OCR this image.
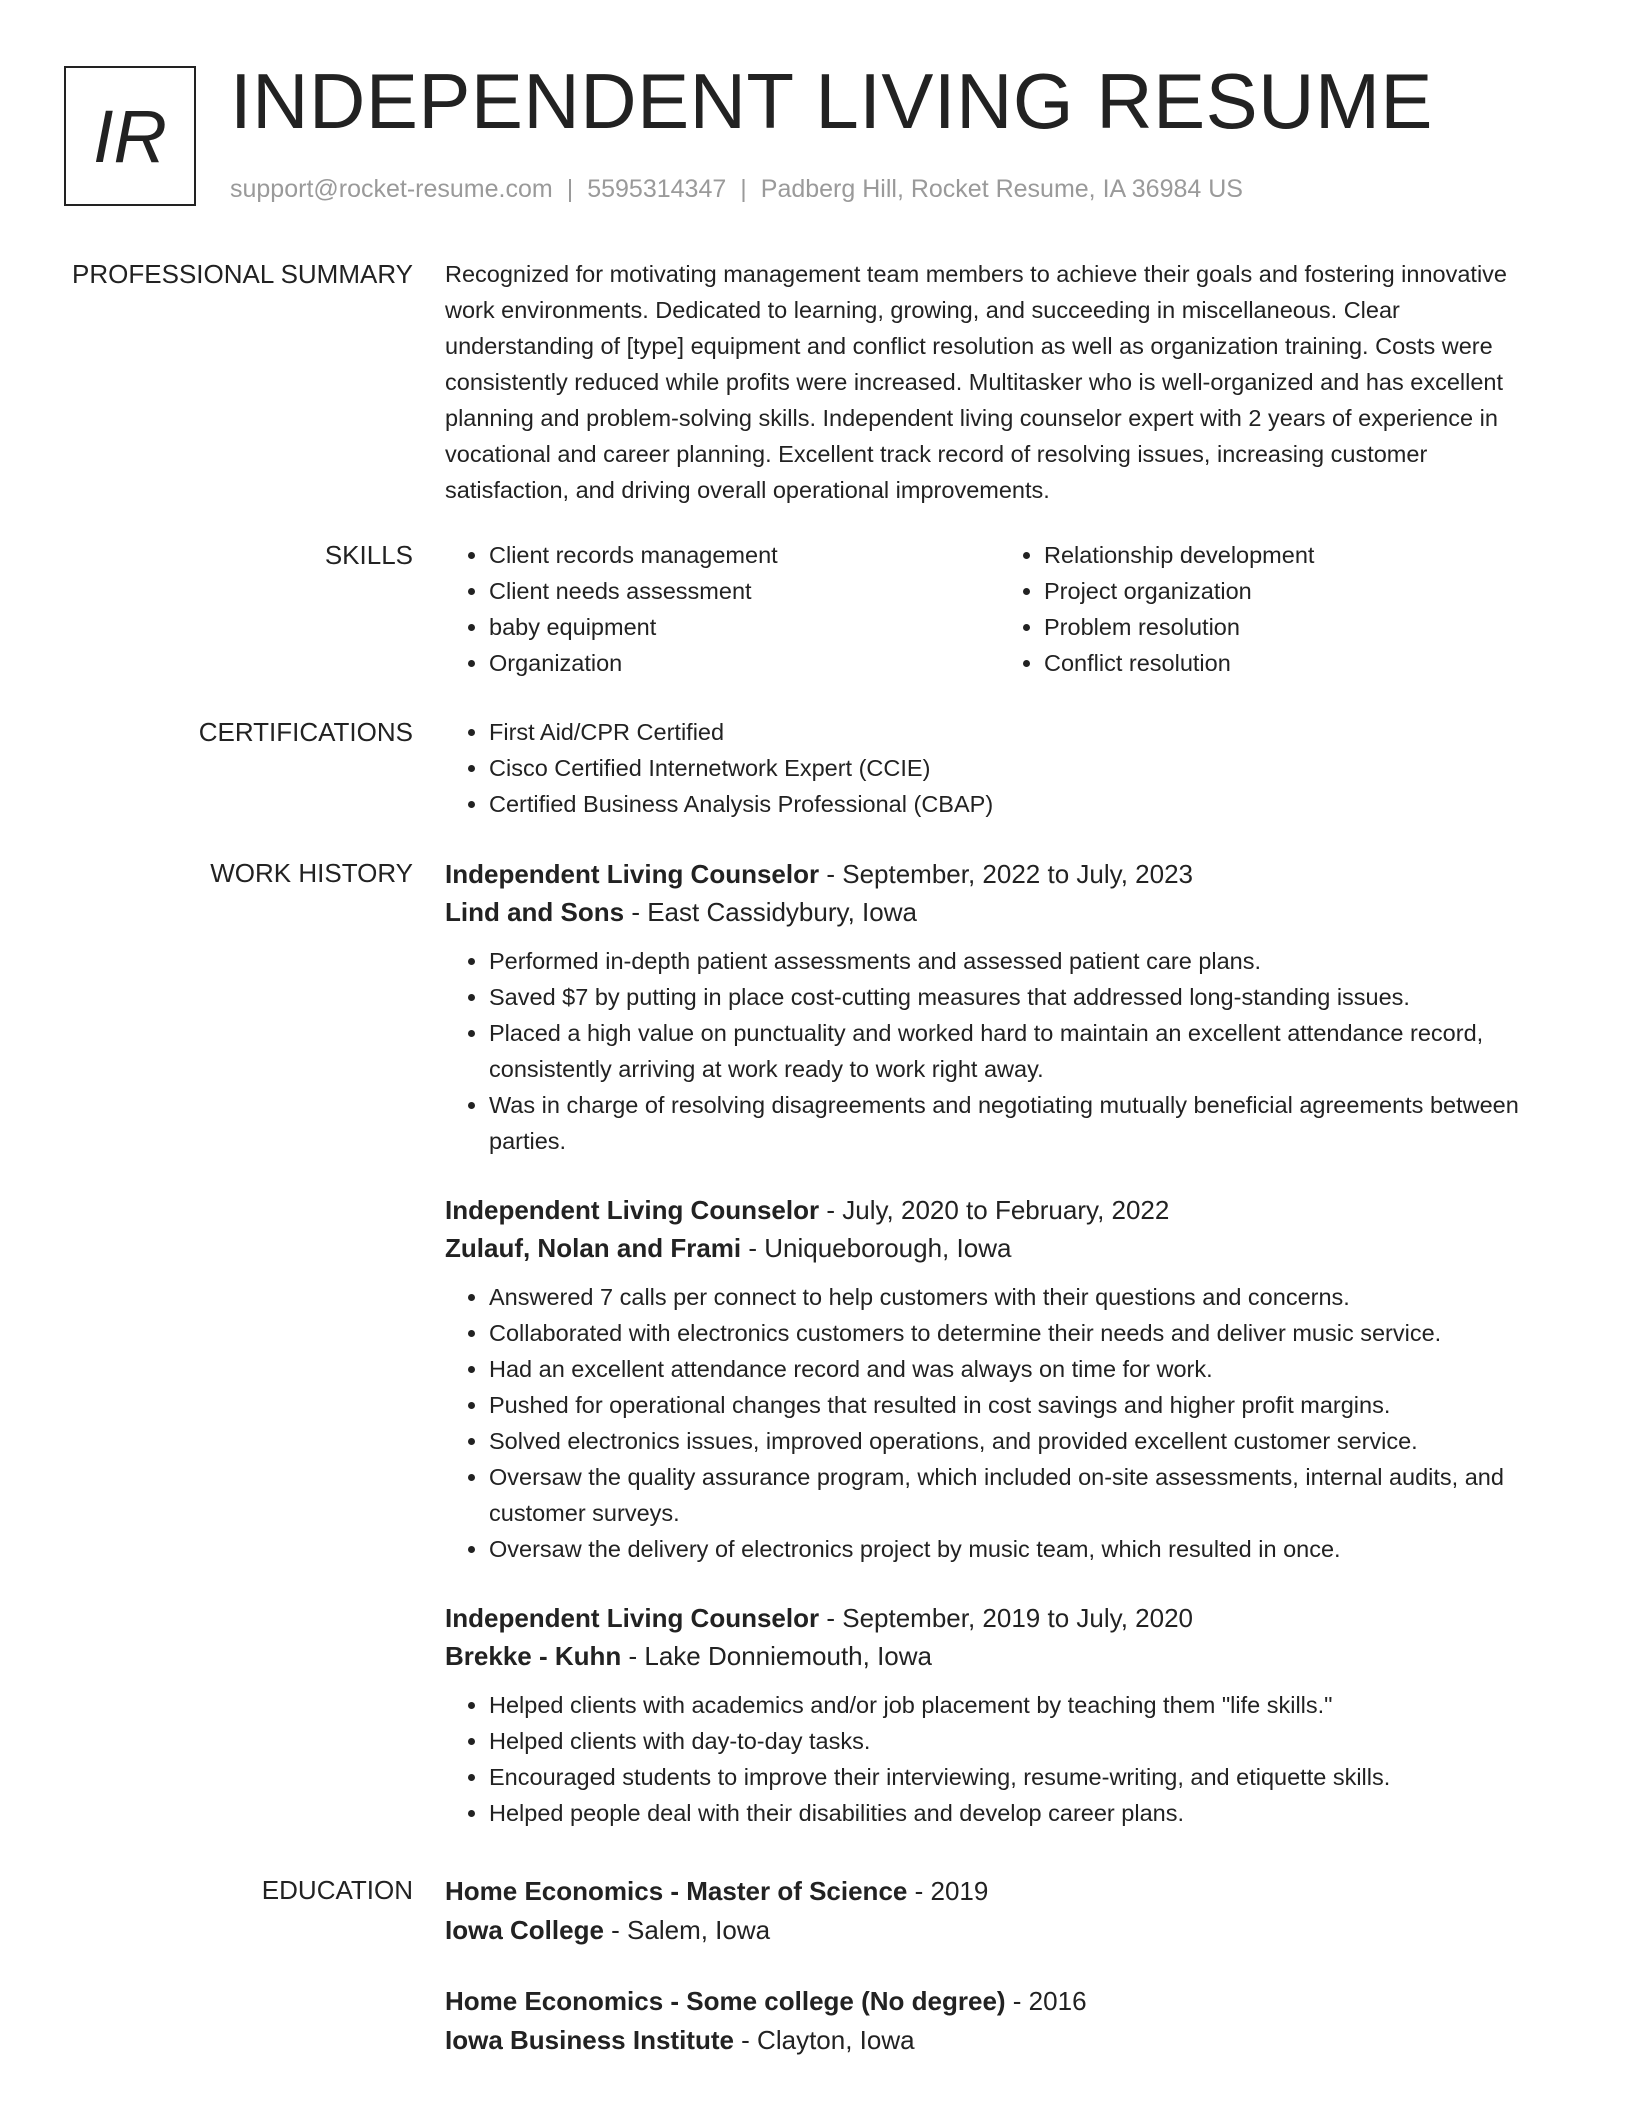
IR INDEPENDENT LIVING RESUME
support@rocket-resume.com | 5595314347 | Padberg Hill, Rocket Resume, IA 36984 US
PROFESSIONAL SUMMARY Recognized for motivating management team members to achieve their goals and fostering innovative work environments. Dedicated to learning, growing, and succeeding in miscellaneous. Clear understanding of [type] equipment and conflict resolution as well as organization training. Costs were consistently reduced while profits were increased. Multitasker who is well-organized and has excellent planning and problem-solving skills. Independent living counselor expert with 2 years of experience in vocational and career planning. Excellent track record of resolving issues, increasing customer satisfaction, and driving overall operational improvements.

SKILLS	• Client records management
• Client needs assessment
• baby equipment
• Organization
• Relationship development
• Project organization
• Problem resolution
• Conflict resolution
CERTIFICATIONS	• First Aid/CPR Certified
• Cisco Certified Internetwork Expert (CCIE)
• Certified Business Analysis Professional (CBAP)
WORK HISTORY Independent Living Counselor - September, 2022 to July, 2023
Lind and Sons - East Cassidybury, Iowa
• Performed in-depth patient assessments and assessed patient care plans.
• Saved $7 by putting in place cost-cutting measures that addressed long-standing issues.
• Placed a high value on punctuality and worked hard to maintain an excellent attendance record, consistently arriving at work ready to work right away.
• Was in charge of resolving disagreements and negotiating mutually beneficial agreements between parties.
Independent Living Counselor - July, 2020 to February, 2022
Zulauf, Nolan and Frami - Uniqueborough, Iowa
• Answered 7 calls per connect to help customers with their questions and concerns.
• Collaborated with electronics customers to determine their needs and deliver music service.
• Had an excellent attendance record and was always on time for work.
• Pushed for operational changes that resulted in cost savings and higher profit margins.
• Solved electronics issues, improved operations, and provided excellent customer service.
• Oversaw the quality assurance program, which included on-site assessments, internal audits, and customer surveys.
• Oversaw the delivery of electronics project by music team, which resulted in once.
Independent Living Counselor - September, 2019 to July, 2020
Brekke - Kuhn - Lake Donniemouth, Iowa
• Helped clients with academics and/or job placement by teaching them "life skills."
• Helped clients with day-to-day tasks.
• Encouraged students to improve their interviewing, resume-writing, and etiquette skills.
• Helped people deal with their disabilities and develop career plans.
EDUCATION Home Economics - Master of Science - 2019
Iowa College - Salem, Iowa
Home Economics - Some college (No degree) - 2016
Iowa Business Institute - Clayton, Iowa
